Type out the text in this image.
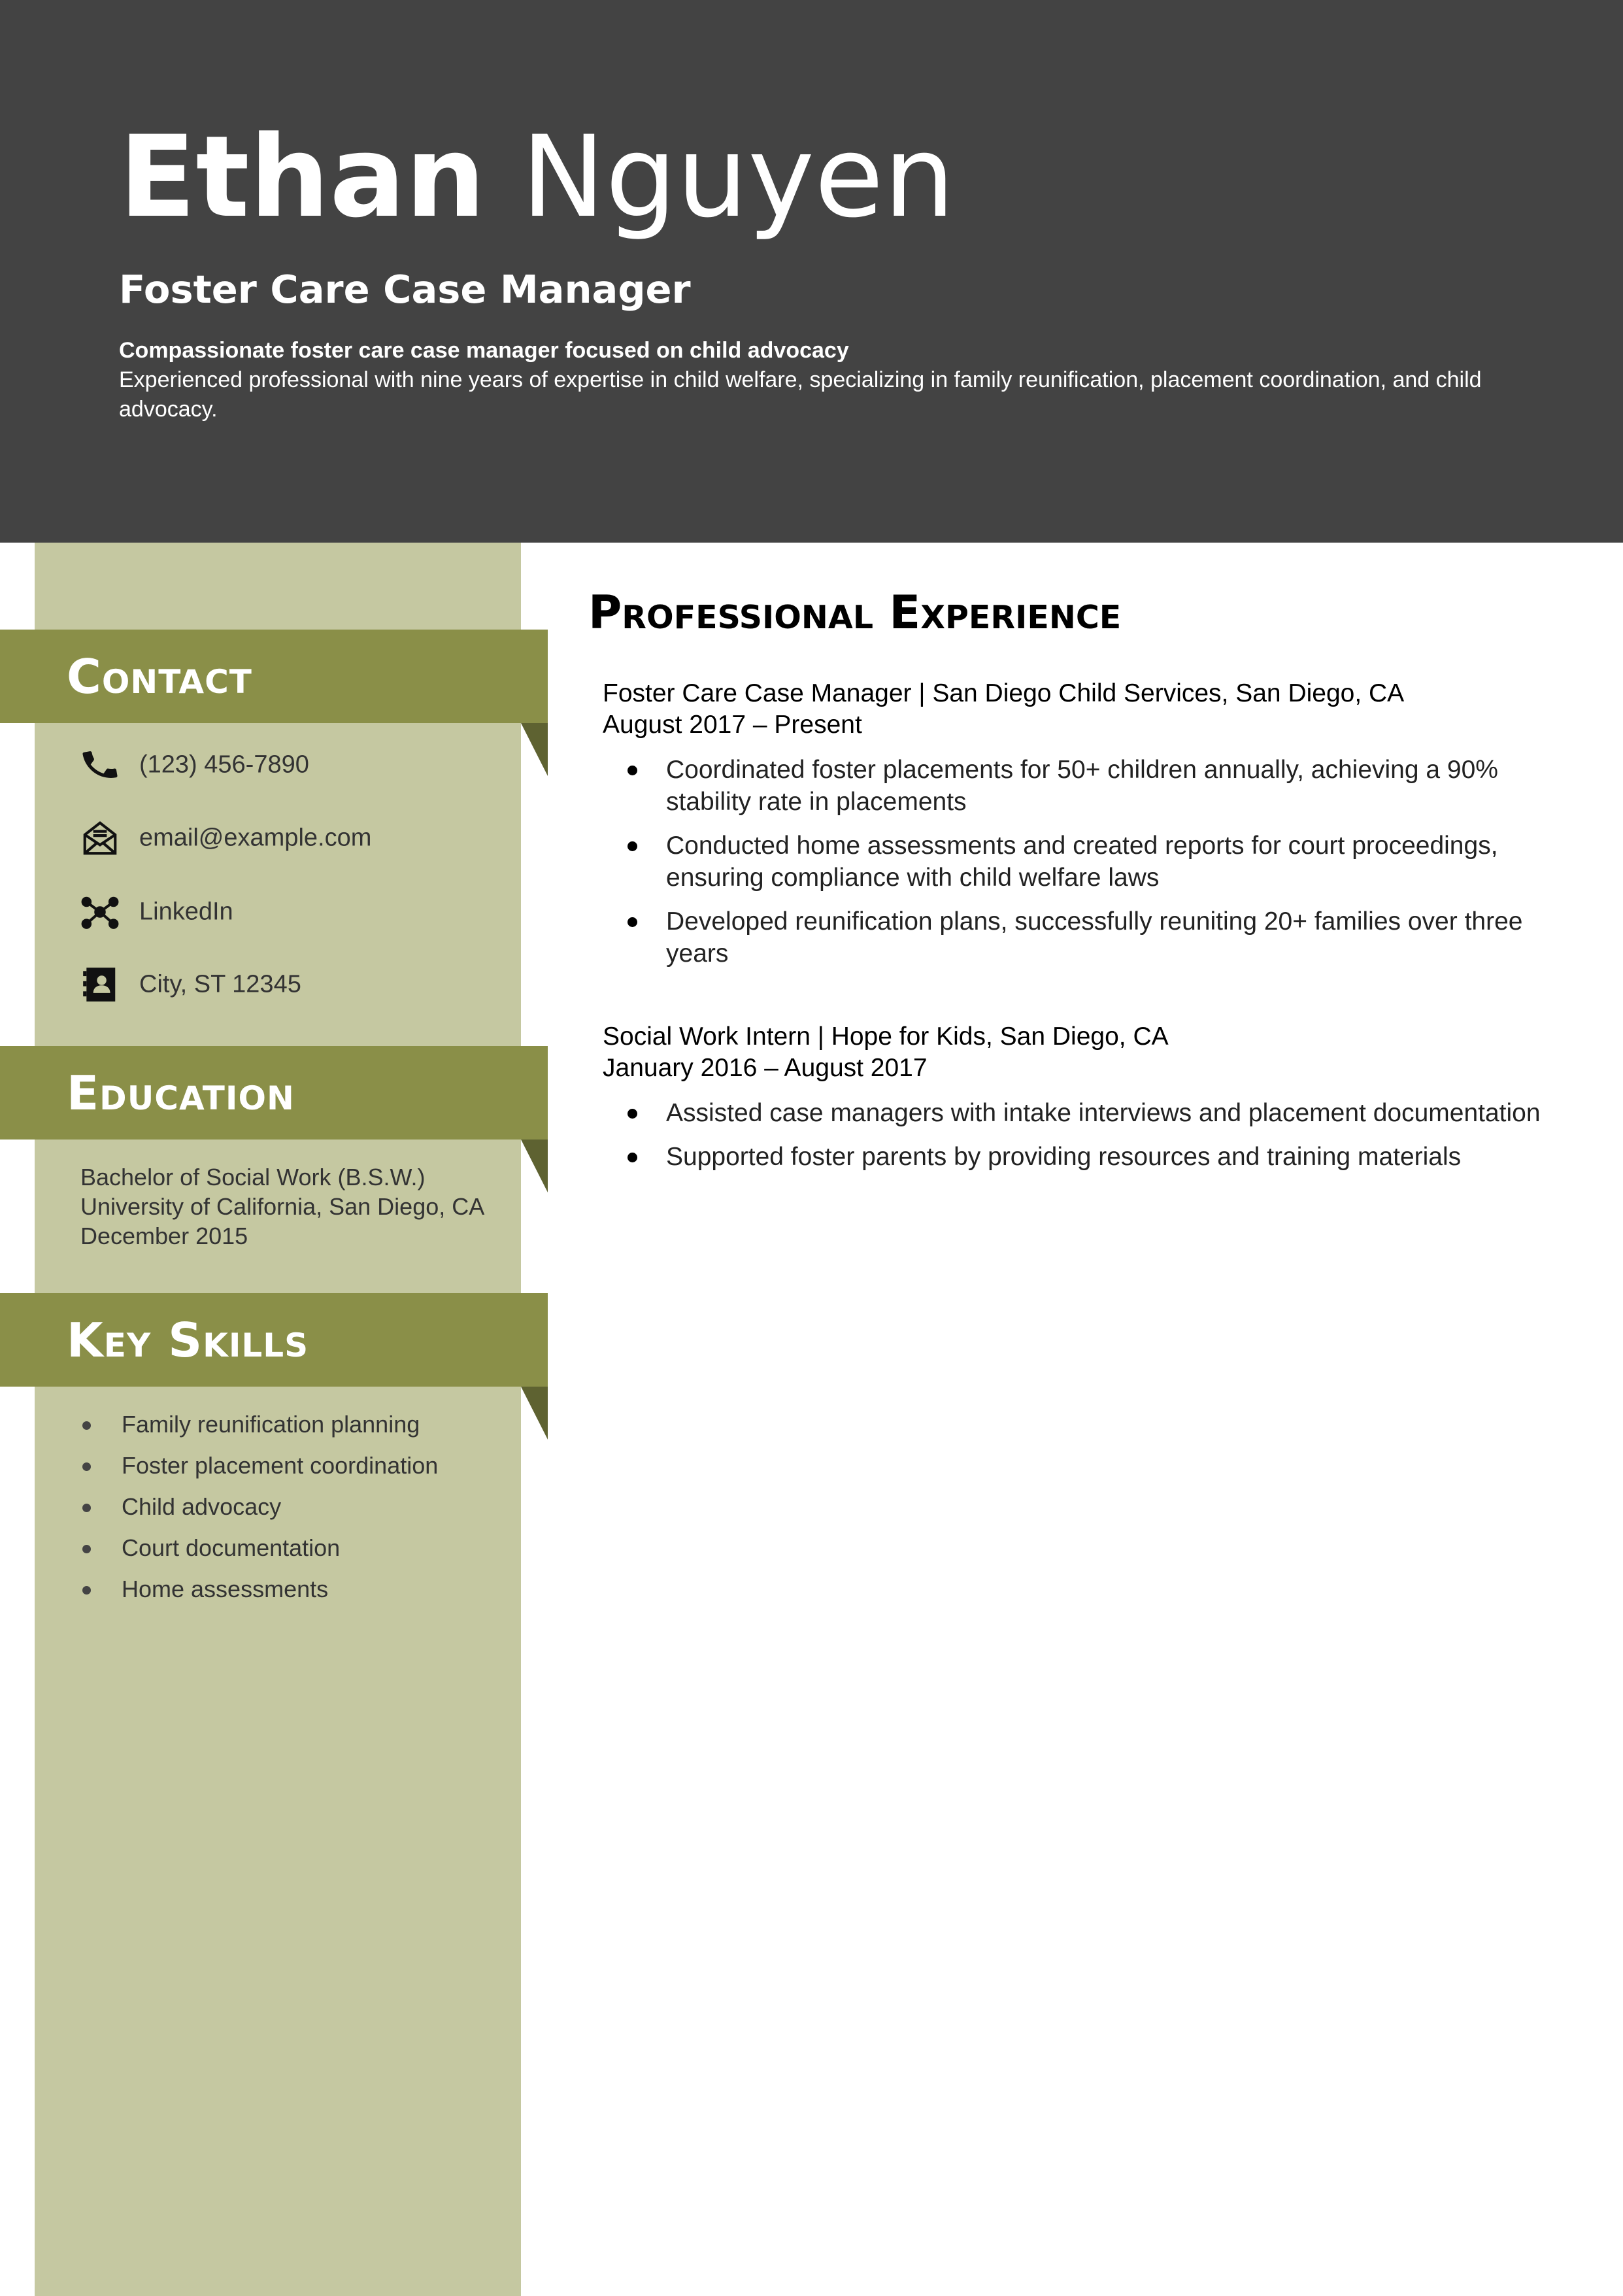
Ethan Nguyen
Foster Care Case Manager
Compassionate foster care case manager focused on child advocacy
Experienced professional with nine years of expertise in child welfare, specializing in family reunification, placement coordination, and child advocacy.
Contact
(123) 456-7890
email@example.com
LinkedIn
City, ST 12345
Education
Bachelor of Social Work (B.S.W.)
University of California, San Diego, CA
December 2015
Key Skills
Family reunification planning
Foster placement coordination
Child advocacy
Court documentation
Home assessments
Professional Experience
Foster Care Case Manager | San Diego Child Services, San Diego, CA
August 2017 – Present
Coordinated foster placements for 50+ children annually, achieving a 90% stability rate in placements
Conducted home assessments and created reports for court proceedings, ensuring compliance with child welfare laws
Developed reunification plans, successfully reuniting 20+ families over three years
Social Work Intern | Hope for Kids, San Diego, CA
January 2016 – August 2017
Assisted case managers with intake interviews and placement documentation
Supported foster parents by providing resources and training materials
